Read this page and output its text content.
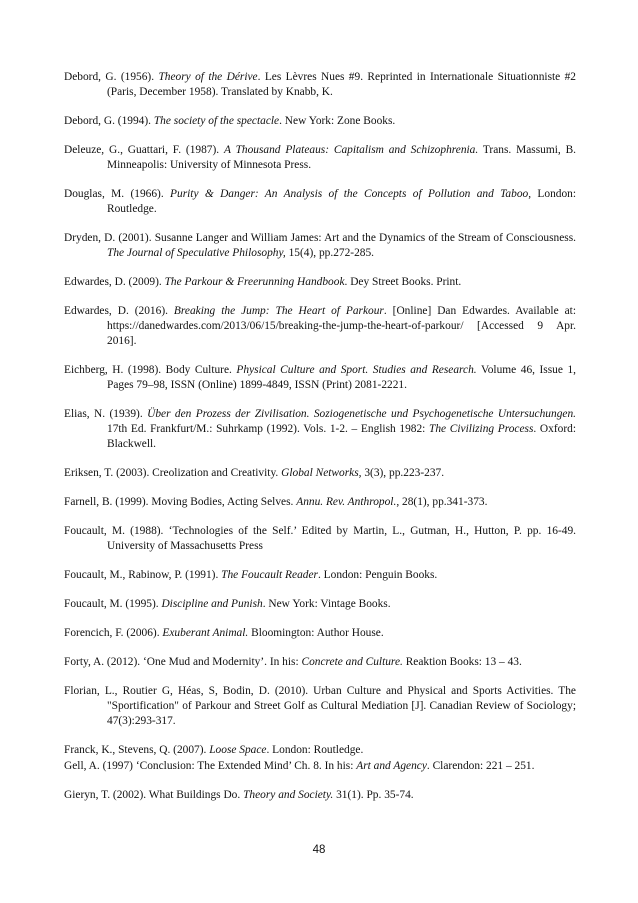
Debord, G. (1956). Theory of the Dérive. Les Lèvres Nues #9. Reprinted in Internationale Situationniste #2 (Paris, December 1958). Translated by Knabb, K.

Debord, G. (1994). The society of the spectacle. New York: Zone Books.

Deleuze, G., Guattari, F. (1987). A Thousand Plateaus: Capitalism and Schizophrenia. Trans. Massumi, B. Minneapolis: University of Minnesota Press.

Douglas, M. (1966). Purity & Danger: An Analysis of the Concepts of Pollution and Taboo, London: Routledge.

Dryden, D. (2001). Susanne Langer and William James: Art and the Dynamics of the Stream of Consciousness. The Journal of Speculative Philosophy, 15(4), pp.272-285.

Edwardes, D. (2009). The Parkour & Freerunning Handbook. Dey Street Books. Print.

Edwardes, D. (2016). Breaking the Jump: The Heart of Parkour. [Online] Dan Edwardes. Available at: https://danedwardes.com/2013/06/15/breaking-the-jump-the-heart-of-parkour/ [Accessed 9 Apr. 2016].

Eichberg, H. (1998). Body Culture. Physical Culture and Sport. Studies and Research. Volume 46, Issue 1, Pages 79–98, ISSN (Online) 1899-4849, ISSN (Print) 2081-2221.

Elias, N. (1939). Über den Prozess der Zivilisation. Soziogenetische und Psychogenetische Untersuchungen. 17th Ed. Frankfurt/M.: Suhrkamp (1992). Vols. 1-2. – English 1982: The Civilizing Process. Oxford: Blackwell.

Eriksen, T. (2003). Creolization and Creativity. Global Networks, 3(3), pp.223-237.

Farnell, B. (1999). Moving Bodies, Acting Selves. Annu. Rev. Anthropol., 28(1), pp.341-373.

Foucault, M. (1988). ‘Technologies of the Self.’ Edited by Martin, L., Gutman, H., Hutton, P. pp. 16-49. University of Massachusetts Press

Foucault, M., Rabinow, P. (1991). The Foucault Reader. London: Penguin Books.

Foucault, M. (1995). Discipline and Punish. New York: Vintage Books.

Forencich, F. (2006). Exuberant Animal. Bloomington: Author House.

Forty, A. (2012). ‘One Mud and Modernity’. In his: Concrete and Culture. Reaktion Books: 13 – 43.

Florian, L., Routier G, Héas, S, Bodin, D. (2010). Urban Culture and Physical and Sports Activities. The "Sportification" of Parkour and Street Golf as Cultural Mediation [J]. Canadian Review of Sociology; 47(3):293-317.

Franck, K., Stevens, Q. (2007). Loose Space. London: Routledge.

Gell, A. (1997) ‘Conclusion: The Extended Mind’ Ch. 8. In his: Art and Agency. Clarendon: 221 – 251.

Gieryn, T. (2002). What Buildings Do. Theory and Society. 31(1). Pp. 35-74.

48
